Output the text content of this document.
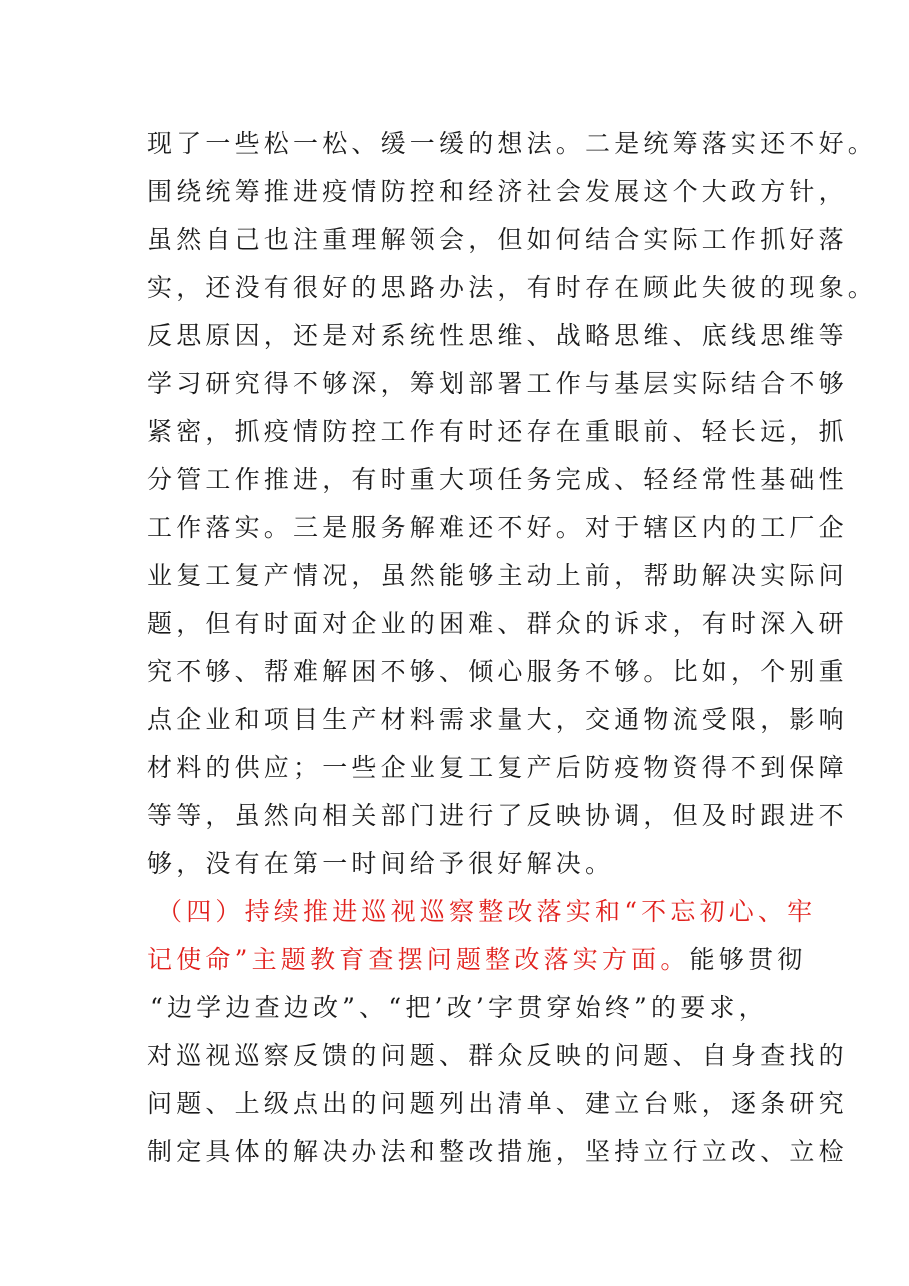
现了一些松一松、缓一缓的想法。二是统筹落实还不好。
围绕统筹推进疫情防控和经济社会发展这个大政方针，
虽然自己也注重理解领会，但如何结合实际工作抓好落
实，还没有很好的思路办法，有时存在顾此失彼的现象。
反思原因，还是对系统性思维、战略思维、底线思维等
学习研究得不够深，筹划部署工作与基层实际结合不够
紧密，抓疫情防控工作有时还存在重眼前、轻长远，抓
分管工作推进，有时重大项任务完成、轻经常性基础性
工作落实。三是服务解难还不好。对于辖区内的工厂企
业复工复产情况，虽然能够主动上前，帮助解决实际问
题，但有时面对企业的困难、群众的诉求，有时深入研
究不够、帮难解困不够、倾心服务不够。比如，个别重
点企业和项目生产材料需求量大，交通物流受限，影响
材料的供应；一些企业复工复产后防疫物资得不到保障
等等，虽然向相关部门进行了反映协调，但及时跟进不
够，没有在第一时间给予很好解决。
（四）持续推进巡视巡察整改落实和“不忘初心、牢
记使命”主题教育查摆问题整改落实方面。能够贯彻
“边学边查边改”、“把’改’字贯穿始终”的要求，
对巡视巡察反馈的问题、群众反映的问题、自身查找的
问题、上级点出的问题列出清单、建立台账，逐条研究
制定具体的解决办法和整改措施，坚持立行立改、立检
